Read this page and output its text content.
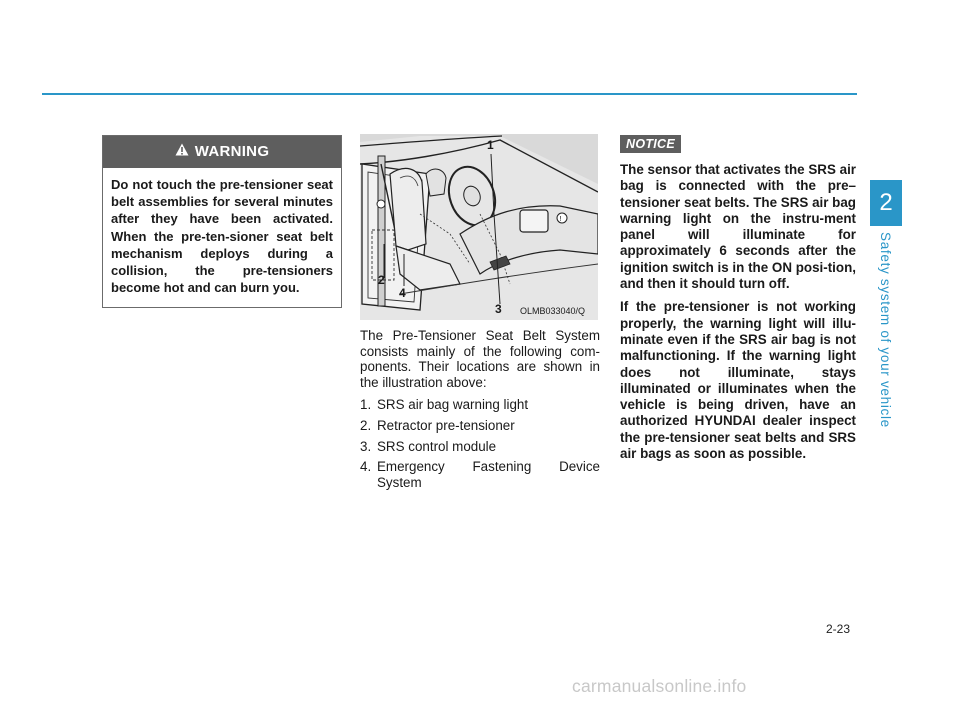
2
Safety system of your vehicle
WARNING
Do not touch the pre-tensioner seat belt assemblies for several minutes after they have been activated. When the pre-ten-sioner seat belt mechanism deploys during a collision, the pre-tensioners become hot and can burn you.
!
1
2
3
4
OLMB033040/Q

The Pre-Tensioner Seat Belt System consists mainly of the following com-ponents. Their locations are shown in the illustration above:

1. SRS air bag warning light
2. Retractor pre-tensioner
3. SRS control module
4. Emergency Fastening Device System
NOTICE

The sensor that activates the SRS air bag is connected with the pre–tensioner seat belts. The SRS air bag warning light on the instru-ment panel will illuminate for approximately 6 seconds after the ignition switch is in the ON posi-tion, and then it should turn off.

If the pre-tensioner is not working properly, the warning light will illu-minate even if the SRS air bag is not malfunctioning. If the warning light does not illuminate, stays illuminated or illuminates when the vehicle is being driven, have an authorized HYUNDAI dealer inspect the pre-tensioner seat belts and SRS air bags as soon as possible.

2-23
carmanualsonline.info
